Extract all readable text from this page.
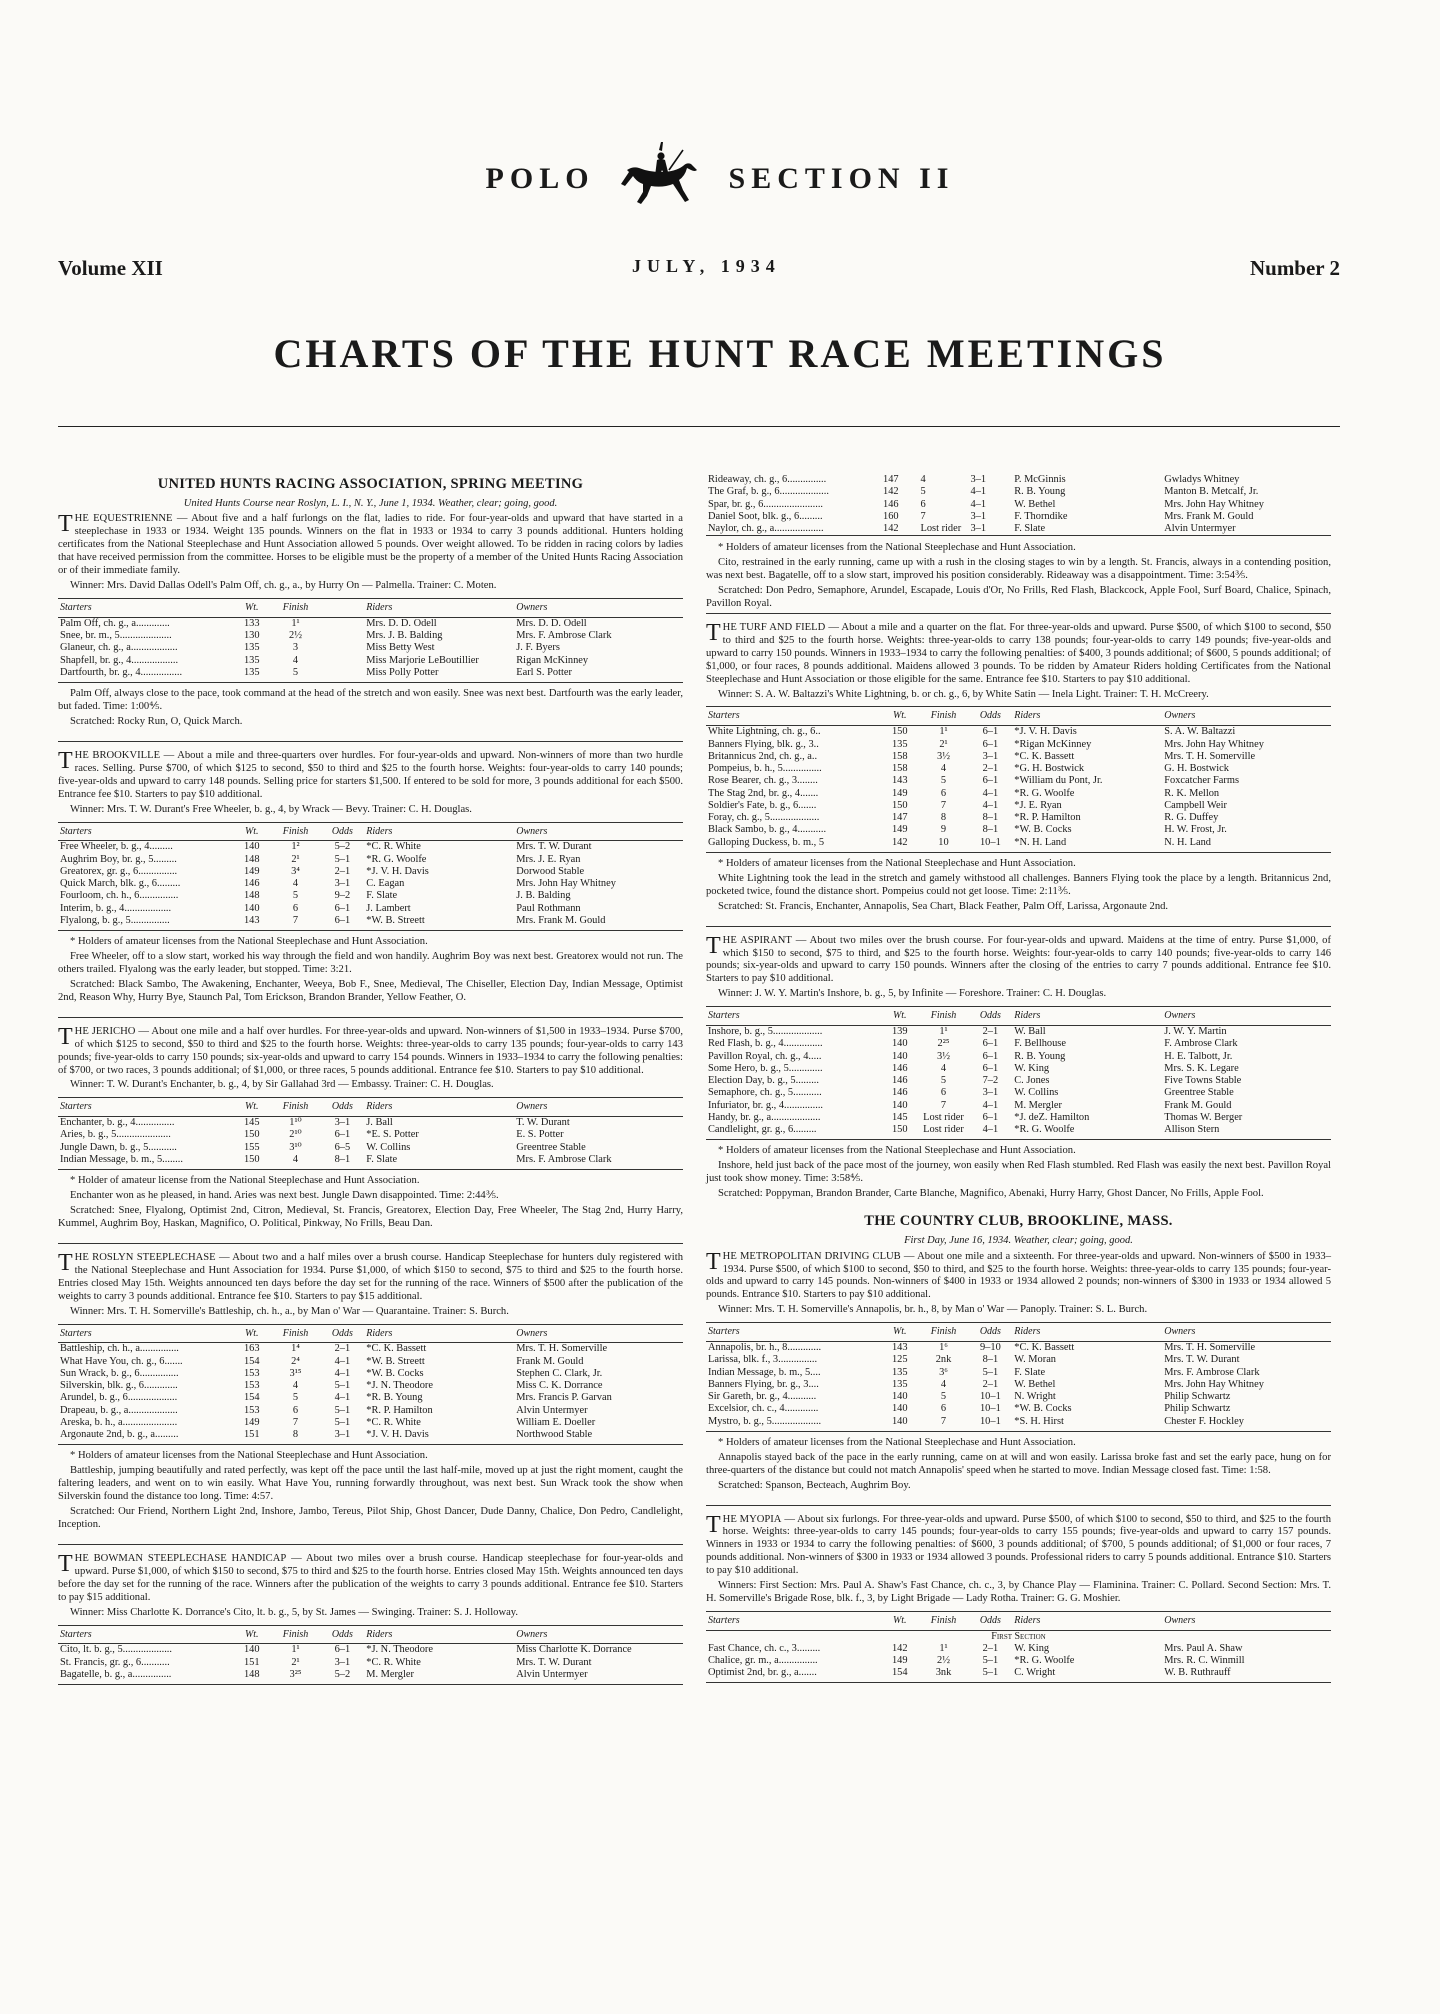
POLO	SECTION II
Volume XII	JULY, 1934	Number 2
CHARTS OF THE HUNT RACE MEETINGS
UNITED HUNTS RACING ASSOCIATION, SPRING MEETING
United Hunts Course near Roslyn, L. I., N. Y., June 1, 1934. Weather, clear; going, good.

THE EQUESTRIENNE — About five and a half furlongs on the flat, ladies to ride. For four-year-olds and upward that have started in a steeplechase in 1933 or 1934. Weight 135 pounds. Winners on the flat in 1933 or 1934 to carry 3 pounds additional. Hunters holding certificates from the National Steeplechase and Hunt Association allowed 5 pounds. Over weight allowed. To be ridden in racing colors by ladies that have received permission from the committee. Horses to be eligible must be the property of a member of the United Hunts Racing Association or of their immediate family.

Winner: Mrs. David Dallas Odell's Palm Off, ch. g., a., by Hurry On — Palmella. Trainer: C. Moten.

Starters	Wt.	Finish		Riders	Owners
Palm Off, ch. g., a.............	133	1¹		Mrs. D. D. Odell	Mrs. D. D. Odell
Snee, br. m., 5....................	130	2½		Mrs. J. B. Balding	Mrs. F. Ambrose Clark
Glaneur, ch. g., a..................	135	3		Miss Betty West	J. F. Byers
Shapfell, br. g., 4..................	135	4		Miss Marjorie LeBoutillier	Rigan McKinney
Dartfourth, br. g., 4................	135	5		Miss Polly Potter	Earl S. Potter

Palm Off, always close to the pace, took command at the head of the stretch and won easily. Snee was next best. Dartfourth was the early leader, but faded. Time: 1:00⅘.

Scratched: Rocky Run, O, Quick March.

THE BROOKVILLE — About a mile and three-quarters over hurdles. For four-year-olds and upward. Non-winners of more than two hurdle races. Selling. Purse $700, of which $125 to second, $50 to third and $25 to the fourth horse. Weights: four-year-olds to carry 140 pounds; five-year-olds and upward to carry 148 pounds. Selling price for starters $1,500. If entered to be sold for more, 3 pounds additional for each $500. Entrance fee $10. Starters to pay $10 additional.

Winner: Mrs. T. W. Durant's Free Wheeler, b. g., 4, by Wrack — Bevy. Trainer: C. H. Douglas.

Starters	Wt.	Finish	Odds	Riders	Owners
Free Wheeler, b. g., 4.........	140	1²	5–2	*C. R. White	Mrs. T. W. Durant
Aughrim Boy, br. g., 5.........	148	2¹	5–1	*R. G. Woolfe	Mrs. J. E. Ryan
Greatorex, gr. g., 6...............	149	3⁴	2–1	*J. V. H. Davis	Dorwood Stable
Quick March, blk. g., 6.........	146	4	3–1	C. Eagan	Mrs. John Hay Whitney
Fourloom, ch. h., 6...............	148	5	9–2	F. Slate	J. B. Balding
Interim, b. g., 4..................	140	6	6–1	J. Lambert	Paul Rothmann
Flyalong, b. g., 5...............	143	7	6–1	*W. B. Streett	Mrs. Frank M. Gould

* Holders of amateur licenses from the National Steeplechase and Hunt Association.

Free Wheeler, off to a slow start, worked his way through the field and won handily. Aughrim Boy was next best. Greatorex would not run. The others trailed. Flyalong was the early leader, but stopped. Time: 3:21.

Scratched: Black Sambo, The Awakening, Enchanter, Weeya, Bob F., Snee, Medieval, The Chiseller, Election Day, Indian Message, Optimist 2nd, Reason Why, Hurry Bye, Staunch Pal, Tom Erickson, Brandon Brander, Yellow Feather, O.

THE JERICHO — About one mile and a half over hurdles. For three-year-olds and upward. Non-winners of $1,500 in 1933–1934. Purse $700, of which $125 to second, $50 to third and $25 to the fourth horse. Weights: three-year-olds to carry 135 pounds; four-year-olds to carry 143 pounds; five-year-olds to carry 150 pounds; six-year-olds and upward to carry 154 pounds. Winners in 1933–1934 to carry the following penalties: of $700, or two races, 3 pounds additional; of $1,000, or three races, 5 pounds additional. Entrance fee $10. Starters to pay $10 additional.

Winner: T. W. Durant's Enchanter, b. g., 4, by Sir Gallahad 3rd — Embassy. Trainer: C. H. Douglas.

Starters	Wt.	Finish	Odds	Riders	Owners
Enchanter, b. g., 4...............	145	1¹⁰	3–1	J. Ball	T. W. Durant
Aries, b. g., 5.....................	150	2¹⁰	6–1	*E. S. Potter	E. S. Potter
Jungle Dawn, b. g., 5...........	155	3¹⁰	6–5	W. Collins	Greentree Stable
Indian Message, b. m., 5........	150	4	8–1	F. Slate	Mrs. F. Ambrose Clark

* Holder of amateur license from the National Steeplechase and Hunt Association.

Enchanter won as he pleased, in hand. Aries was next best. Jungle Dawn disappointed. Time: 2:44⅗.

Scratched: Snee, Flyalong, Optimist 2nd, Citron, Medieval, St. Francis, Greatorex, Election Day, Free Wheeler, The Stag 2nd, Hurry Harry, Kummel, Aughrim Boy, Haskan, Magnifico, O. Political, Pinkway, No Frills, Beau Dan.

THE ROSLYN STEEPLECHASE — About two and a half miles over a brush course. Handicap Steeplechase for hunters duly registered with the National Steeplechase and Hunt Association for 1934. Purse $1,000, of which $150 to second, $75 to third and $25 to the fourth horse. Entries closed May 15th. Weights announced ten days before the day set for the running of the race. Winners of $500 after the publication of the weights to carry 3 pounds additional. Entrance fee $10. Starters to pay $15 additional.

Winner: Mrs. T. H. Somerville's Battleship, ch. h., a., by Man o' War — Quarantaine. Trainer: S. Burch.

Starters	Wt.	Finish	Odds	Riders	Owners
Battleship, ch. h., a...............	163	1⁴	2–1	*C. K. Bassett	Mrs. T. H. Somerville
What Have You, ch. g., 6.......	154	2⁴	4–1	*W. B. Streett	Frank M. Gould
Sun Wrack, b. g., 6...............	153	3¹⁵	4–1	*W. B. Cocks	Stephen C. Clark, Jr.
Silverskin, blk. g., 6.............	153	4	5–1	*J. N. Theodore	Miss C. K. Dorrance
Arundel, b. g., 6...................	154	5	4–1	*R. B. Young	Mrs. Francis P. Garvan
Drapeau, b. g., a...................	153	6	5–1	*R. P. Hamilton	Alvin Untermyer
Areska, b. h., a.....................	149	7	5–1	*C. R. White	William E. Doeller
Argonaute 2nd, b. g., a.........	151	8	3–1	*J. V. H. Davis	Northwood Stable

* Holders of amateur licenses from the National Steeplechase and Hunt Association.

Battleship, jumping beautifully and rated perfectly, was kept off the pace until the last half-mile, moved up at just the right moment, caught the faltering leaders, and went on to win easily. What Have You, running forwardly throughout, was next best. Sun Wrack took the show when Silverskin found the distance too long. Time: 4:57.

Scratched: Our Friend, Northern Light 2nd, Inshore, Jambo, Tereus, Pilot Ship, Ghost Dancer, Dude Danny, Chalice, Don Pedro, Candlelight, Inception.

THE BOWMAN STEEPLECHASE HANDICAP — About two miles over a brush course. Handicap steeplechase for four-year-olds and upward. Purse $1,000, of which $150 to second, $75 to third and $25 to the fourth horse. Entries closed May 15th. Weights announced ten days before the day set for the running of the race. Winners after the publication of the weights to carry 3 pounds additional. Entrance fee $10. Starters to pay $15 additional.

Winner: Miss Charlotte K. Dorrance's Cito, lt. b. g., 5, by St. James — Swinging. Trainer: S. J. Holloway.

Starters	Wt.	Finish	Odds	Riders	Owners
Cito, lt. b. g., 5...................	140	1¹	6–1	*J. N. Theodore	Miss Charlotte K. Dorrance
St. Francis, gr. g., 6...........	151	2¹	3–1	*C. R. White	Mrs. T. W. Durant
Bagatelle, b. g., a...............	148	3²⁵	5–2	M. Mergler	Alvin Untermyer
Rideaway, ch. g., 6...............	147	4	3–1	P. McGinnis	Gwladys Whitney
The Graf, b. g., 6...................	142	5	4–1	R. B. Young	Manton B. Metcalf, Jr.
Spar, br. g., 6.......................	146	6	4–1	W. Bethel	Mrs. John Hay Whitney
Daniel Soot, blk. g., 6.........	160	7	3–1	F. Thorndike	Mrs. Frank M. Gould
Naylor, ch. g., a...................	142	Lost rider	3–1	F. Slate	Alvin Untermyer

* Holders of amateur licenses from the National Steeplechase and Hunt Association.

Cito, restrained in the early running, came up with a rush in the closing stages to win by a length. St. Francis, always in a contending position, was next best. Bagatelle, off to a slow start, improved his position considerably. Rideaway was a disappointment. Time: 3:54⅗.

Scratched: Don Pedro, Semaphore, Arundel, Escapade, Louis d'Or, No Frills, Red Flash, Blackcock, Apple Fool, Surf Board, Chalice, Spinach, Pavillon Royal.

THE TURF AND FIELD — About a mile and a quarter on the flat. For three-year-olds and upward. Purse $500, of which $100 to second, $50 to third and $25 to the fourth horse. Weights: three-year-olds to carry 138 pounds; four-year-olds to carry 149 pounds; five-year-olds and upward to carry 150 pounds. Winners in 1933–1934 to carry the following penalties: of $400, 3 pounds additional; of $600, 5 pounds additional; of $1,000, or four races, 8 pounds additional. Maidens allowed 3 pounds. To be ridden by Amateur Riders holding Certificates from the National Steeplechase and Hunt Association or those eligible for the same. Entrance fee $10. Starters to pay $10 additional.

Winner: S. A. W. Baltazzi's White Lightning, b. or ch. g., 6, by White Satin — Inela Light. Trainer: T. H. McCreery.

Starters	Wt.	Finish	Odds	Riders	Owners
White Lightning, ch. g., 6..	150	1¹	6–1	*J. V. H. Davis	S. A. W. Baltazzi
Banners Flying, blk. g., 3..	135	2¹	6–1	*Rigan McKinney	Mrs. John Hay Whitney
Britannicus 2nd, ch. g., a..	158	3½	3–1	*C. K. Bassett	Mrs. T. H. Somerville
Pompeius, b. h., 5...............	158	4	2–1	*G. H. Bostwick	G. H. Bostwick
Rose Bearer, ch. g., 3........	143	5	6–1	*William du Pont, Jr.	Foxcatcher Farms
The Stag 2nd, br. g., 4.......	149	6	4–1	*R. G. Woolfe	R. K. Mellon
Soldier's Fate, b. g., 6.......	150	7	4–1	*J. E. Ryan	Campbell Weir
Foray, ch. g., 5...................	147	8	8–1	*R. P. Hamilton	R. G. Duffey
Black Sambo, b. g., 4...........	149	9	8–1	*W. B. Cocks	H. W. Frost, Jr.
Galloping Duckess, b. m., 5	142	10	10–1	*N. H. Land	N. H. Land

* Holders of amateur licenses from the National Steeplechase and Hunt Association.

White Lightning took the lead in the stretch and gamely withstood all challenges. Banners Flying took the place by a length. Britannicus 2nd, pocketed twice, found the distance short. Pompeius could not get loose. Time: 2:11⅗.

Scratched: St. Francis, Enchanter, Annapolis, Sea Chart, Black Feather, Palm Off, Larissa, Argonaute 2nd.

THE ASPIRANT — About two miles over the brush course. For four-year-olds and upward. Maidens at the time of entry. Purse $1,000, of which $150 to second, $75 to third, and $25 to the fourth horse. Weights: four-year-olds to carry 140 pounds; five-year-olds to carry 146 pounds; six-year-olds and upward to carry 150 pounds. Winners after the closing of the entries to carry 7 pounds additional. Entrance fee $10. Starters to pay $10 additional.

Winner: J. W. Y. Martin's Inshore, b. g., 5, by Infinite — Foreshore. Trainer: C. H. Douglas.

Starters	Wt.	Finish	Odds	Riders	Owners
Inshore, b. g., 5...................	139	1¹	2–1	W. Ball	J. W. Y. Martin
Red Flash, b. g., 4...............	140	2²⁵	6–1	F. Bellhouse	F. Ambrose Clark
Pavillon Royal, ch. g., 4.....	140	3½	6–1	R. B. Young	H. E. Talbott, Jr.
Some Hero, b. g., 5.............	146	4	6–1	W. King	Mrs. S. K. Legare
Election Day, b. g., 5.........	146	5	7–2	C. Jones	Five Towns Stable
Semaphore, ch. g., 5...........	146	6	3–1	W. Collins	Greentree Stable
Infuriator, br. g., 4...............	140	7	4–1	M. Mergler	Frank M. Gould
Handy, br. g., a...................	145	Lost rider	6–1	*J. deZ. Hamilton	Thomas W. Berger
Candlelight, gr. g., 6.........	150	Lost rider	4–1	*R. G. Woolfe	Allison Stern

* Holders of amateur licenses from the National Steeplechase and Hunt Association.

Inshore, held just back of the pace most of the journey, won easily when Red Flash stumbled. Red Flash was easily the next best. Pavillon Royal just took show money. Time: 3:58⅘.

Scratched: Poppyman, Brandon Brander, Carte Blanche, Magnifico, Abenaki, Hurry Harry, Ghost Dancer, No Frills, Apple Fool.

THE COUNTRY CLUB, BROOKLINE, MASS.
First Day, June 16, 1934. Weather, clear; going, good.

THE METROPOLITAN DRIVING CLUB — About one mile and a sixteenth. For three-year-olds and upward. Non-winners of $500 in 1933–1934. Purse $500, of which $100 to second, $50 to third, and $25 to the fourth horse. Weights: three-year-olds to carry 135 pounds; four-year-olds and upward to carry 145 pounds. Non-winners of $400 in 1933 or 1934 allowed 2 pounds; non-winners of $300 in 1933 or 1934 allowed 5 pounds. Entrance $10. Starters to pay $10 additional.

Winner: Mrs. T. H. Somerville's Annapolis, br. h., 8, by Man o' War — Panoply. Trainer: S. L. Burch.

Starters	Wt.	Finish	Odds	Riders	Owners
Annapolis, br. h., 8.............	143	1⁶	9–10	*C. K. Bassett	Mrs. T. H. Somerville
Larissa, blk. f., 3...............	125	2nk	8–1	W. Moran	Mrs. T. W. Durant
Indian Message, b. m., 5....	135	3⁶	5–1	F. Slate	Mrs. F. Ambrose Clark
Banners Flying, br. g., 3....	135	4	2–1	W. Bethel	Mrs. John Hay Whitney
Sir Gareth, br. g., 4...........	140	5	10–1	N. Wright	Philip Schwartz
Excelsior, ch. c., 4.............	140	6	10–1	*W. B. Cocks	Philip Schwartz
Mystro, b. g., 5...................	140	7	10–1	*S. H. Hirst	Chester F. Hockley

* Holders of amateur licenses from the National Steeplechase and Hunt Association.

Annapolis stayed back of the pace in the early running, came on at will and won easily. Larissa broke fast and set the early pace, hung on for three-quarters of the distance but could not match Annapolis' speed when he started to move. Indian Message closed fast. Time: 1:58.

Scratched: Spanson, Becteach, Aughrim Boy.

THE MYOPIA — About six furlongs. For three-year-olds and upward. Purse $500, of which $100 to second, $50 to third, and $25 to the fourth horse. Weights: three-year-olds to carry 145 pounds; four-year-olds to carry 155 pounds; five-year-olds and upward to carry 157 pounds. Winners in 1933 or 1934 to carry the following penalties: of $600, 3 pounds additional; of $700, 5 pounds additional; of $1,000 or four races, 7 pounds additional. Non-winners of $300 in 1933 or 1934 allowed 3 pounds. Professional riders to carry 5 pounds additional. Entrance $10. Starters to pay $10 additional.

Winners: First Section: Mrs. Paul A. Shaw's Fast Chance, ch. c., 3, by Chance Play — Flaminina. Trainer: C. Pollard. Second Section: Mrs. T. H. Somerville's Brigade Rose, blk. f., 3, by Light Brigade — Lady Rotha. Trainer: G. G. Moshier.

Starters	Wt.	Finish	Odds	Riders	Owners
First Section					
Fast Chance, ch. c., 3.........	142	1¹	2–1	W. King	Mrs. Paul A. Shaw
Chalice, gr. m., a...............	149	2½	5–1	*R. G. Woolfe	Mrs. R. C. Winmill
Optimist 2nd, br. g., a.......	154	3nk	5–1	C. Wright	W. B. Ruthrauff
